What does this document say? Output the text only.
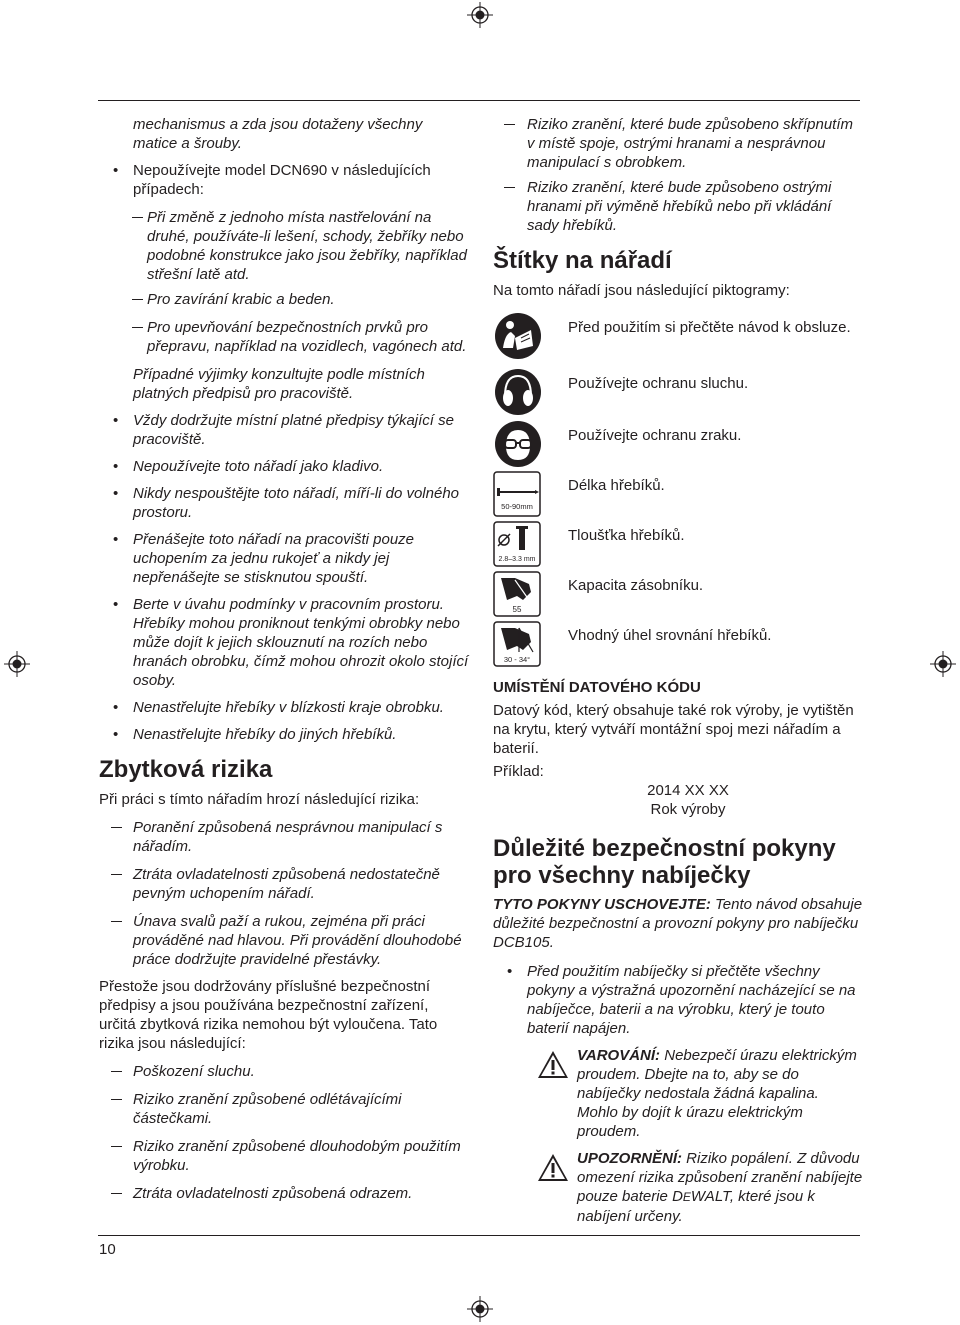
mechanismus a zda jsou dotaženy všechny matice a šrouby.

• Nepoužívejte model DCN690 v následujících případech:
Při změně z jednoho místa nastřelování na druhé, používáte-li lešení, schody, žebříky nebo podobné konstrukce jako jsou žebříky, například střešní latě atd.
Pro zavírání krabic a beden.
Pro upevňování bezpečnostních prvků pro přepravu, například na vozidlech, vagónech atd.

Případné výjimky konzultujte podle místních platných předpisů pro pracoviště.

• Vždy dodržujte místní platné předpisy týkající se pracoviště.
• Nepoužívejte toto nářadí jako kladivo.
• Nikdy nespouštějte toto nářadí, míří-li do volného prostoru.
• Přenášejte toto nářadí na pracovišti pouze uchopením za jednu rukojeť a nikdy jej nepřenášejte se stisknutou spouští.
• Berte v úvahu podmínky v pracovním prostoru. Hřebíky mohou proniknout tenkými obrobky nebo může dojít k jejich sklouznutí na rozích nebo hranách obrobku, čímž mohou ohrozit okolo stojící osoby.
• Nenastřelujte hřebíky v blízkosti kraje obrobku.
• Nenastřelujte hřebíky do jiných hřebíků.
Zbytková rizika

Při práci s tímto nářadím hrozí následující rizika:

Poranění způsobená nesprávnou manipulací s nářadím.
Ztráta ovladatelnosti způsobená nedostatečně pevným uchopením nářadí.
Únava svalů paží a rukou, zejména při práci prováděné nad hlavou. Při provádění dlouhodobé práce dodržujte pravidelné přestávky.

Přestože jsou dodržovány příslušné bezpečnostní předpisy a jsou používána bezpečnostní zařízení, určitá zbytková rizika nemohou být vyloučena. Tato rizika jsou následující:

Poškození sluchu.
Riziko zranění způsobené odlétávajícími částečkami.
Riziko zranění způsobené dlouhodobým použitím výrobku.
Ztráta ovladatelnosti způsobená odrazem.
Riziko zranění, které bude způsobeno skřípnutím v místě spoje, ostrými hranami a nesprávnou manipulací s obrobkem.
Riziko zranění, které bude způsobeno ostrými hranami při výměně hřebíků nebo při vkládání sady hřebíků.
Štítky na nářadí

Na tomto nářadí jsou následující piktogramy:

Před použitím si přečtěte návod k obsluze.
Používejte ochranu sluchu.
Používejte ochranu zraku.
50-90mm
Délka hřebíků.
2.8–3.3 mm
Tloušťka hřebíků.
55
Kapacita zásobníku.
30 - 34°
Vhodný úhel srovnání hřebíků.
UMÍSTĚNÍ DATOVÉHO KÓDU

Datový kód, který obsahuje také rok výroby, je vytištěn na krytu, který vytváří montážní spoj mezi nářadím a baterií.

Příklad:

2014 XX XX
Rok výroby
Důležité bezpečnostní pokyny pro všechny nabíječky

TYTO POKYNY USCHOVEJTE: Tento návod obsahuje důležité bezpečnostní a provozní pokyny pro nabíječku DCB105.

• Před použitím nabíječky si přečtěte všechny pokyny a výstražná upozornění nacházející se na nabíječce, baterii a na výrobku, který je touto baterií napájen.
VAROVÁNÍ: Nebezpečí úrazu elektrickým proudem. Dbejte na to, aby se do nabíječky nedostala žádná kapalina. Mohlo by dojít k úrazu elektrickým proudem.
UPOZORNĚNÍ: Riziko popálení. Z důvodu omezení rizika způsobení zranění nabíjejte pouze baterie DEWALT, které jsou k nabíjení určeny.
10
